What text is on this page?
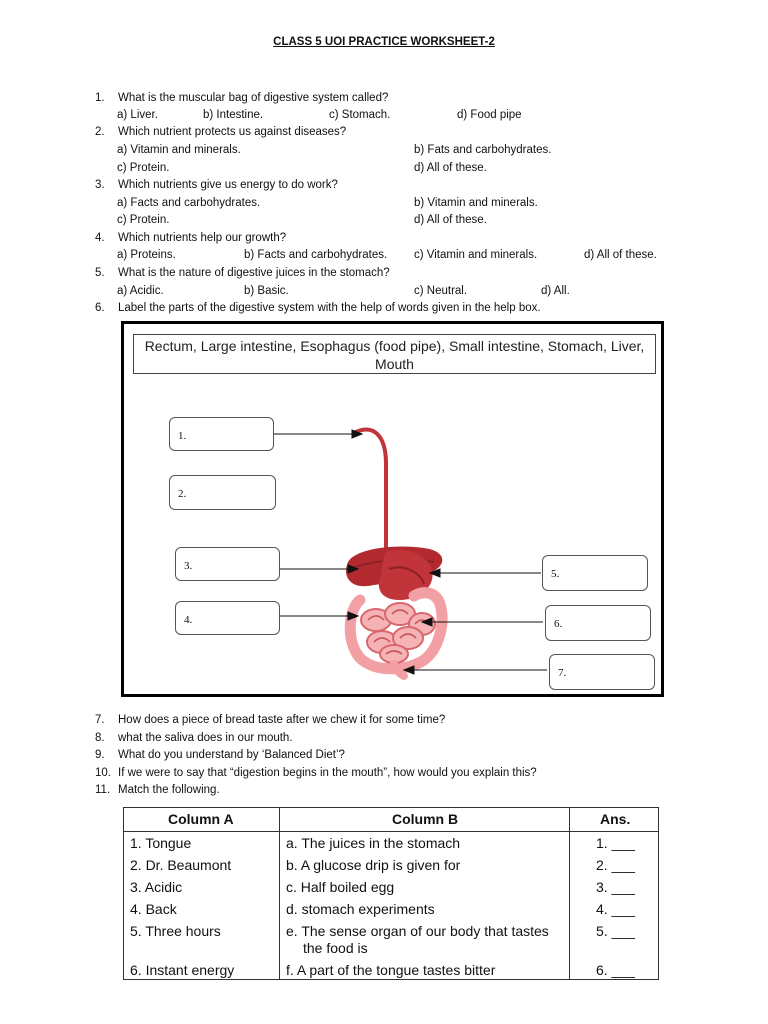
CLASS 5 UOI PRACTICE WORKSHEET-2
1.	What is the muscular bag of digestive system called?
a) Liver.	b) Intestine.	c) Stomach.	d) Food pipe
2.	Which nutrient protects us against diseases?
a) Vitamin and minerals.	b) Fats and carbohydrates.
c) Protein.	d) All of these.
3.	Which nutrients give us energy to do work?
a) Facts and carbohydrates.	b) Vitamin and minerals.
c) Protein.	d) All of these.
4.	Which nutrients help our growth?
a) Proteins.	b) Facts and carbohydrates. c) Vitamin and minerals.	d) All of these.
5.	What is the nature of digestive juices in the stomach?
a) Acidic.	b) Basic.	c) Neutral.	d) All.
6.	Label the parts of the digestive system with the help of words given in the help box.
Rectum, Large intestine, Esophagus (food pipe), Small intestine, Stomach, Liver,
Mouth
1.
2.
3.
4.
5.
6.
7.
7.	How does a piece of bread taste after we chew it for some time?
8.	what the saliva does in our mouth.
9.	What do you understand by ‘Balanced Diet’?
10. If we were to say that “digestion begins in the mouth”, how would you explain this?
11. Match the following.
Column A	Column B	Ans.
1. Tongue	a. The juices in the stomach	1. ___
2. Dr. Beaumont	b. A glucose drip is given for	2. ___
3. Acidic	c. Half boiled egg	3. ___
4. Back	d. stomach experiments	4. ___
5. Three hours	e. The sense organ of our body that tastes
the food is
5. ___
6. Instant energy	f. A part of the tongue tastes bitter	6. ___
